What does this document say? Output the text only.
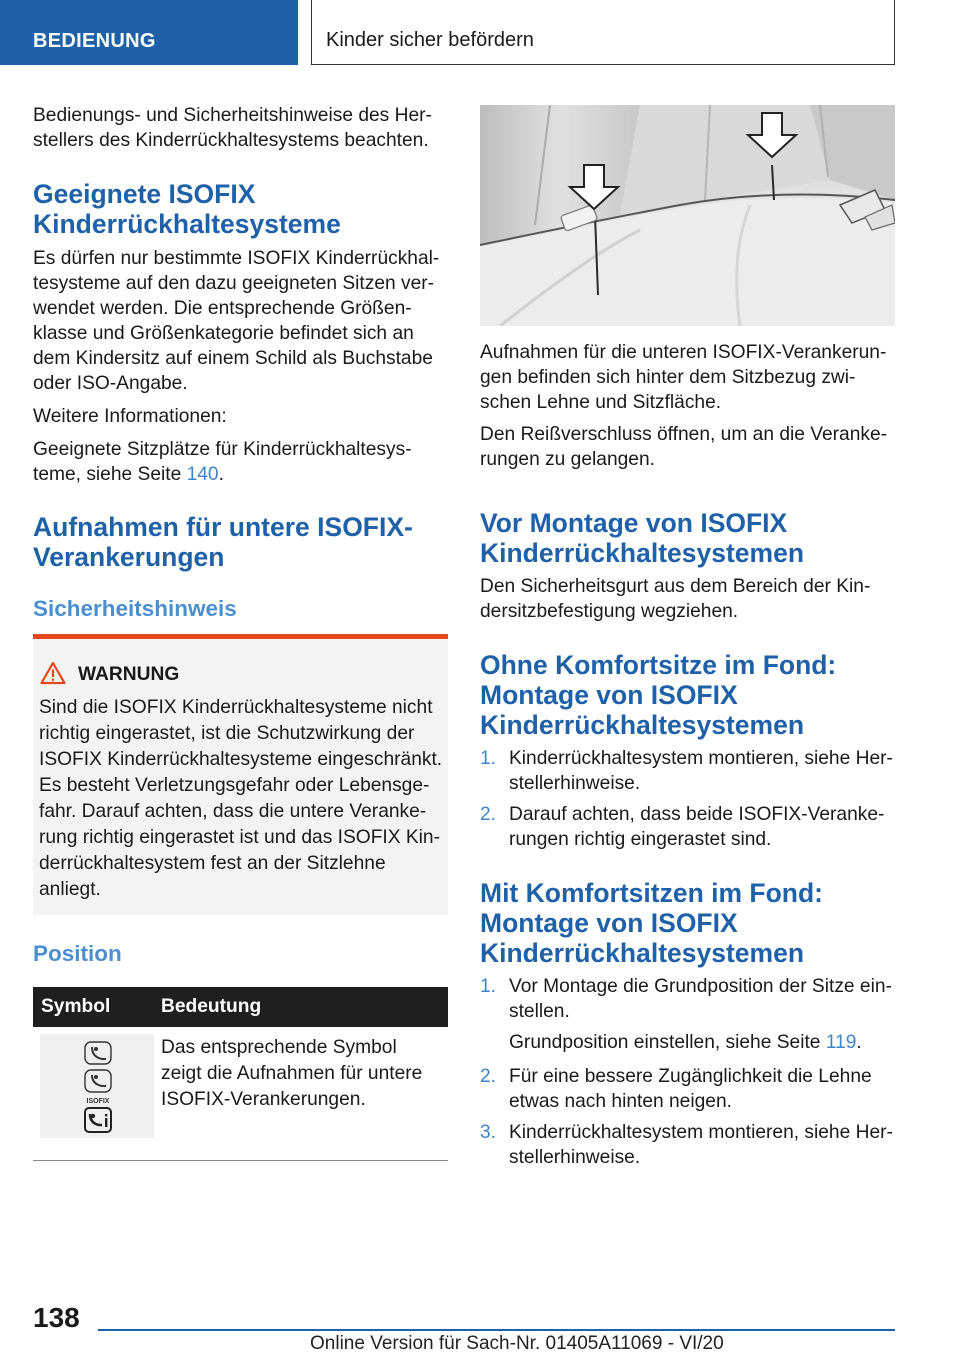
BEDIENUNG	Kinder sicher befördern

Bedienungs- und Sicherheitshinweise des Her-
stellers des Kinderrückhaltesystems beachten.

Geeignete ISOFIX
Kinderrückhaltesysteme

Es dürfen nur bestimmte ISOFIX Kinderrückhal-
tesysteme auf den dazu geeigneten Sitzen ver-
wendet werden. Die entsprechende Größen-
klasse und Größenkategorie befindet sich an
dem Kindersitz auf einem Schild als Buchstabe
oder ISO-Angabe.

Weitere Informationen:

Geeignete Sitzplätze für Kinderrückhaltesys-
teme, siehe Seite 140.

Aufnahmen für untere ISOFIX-
Verankerungen
Sicherheitshinweis
WARNUNG

Sind die ISOFIX Kinderrückhaltesysteme nicht
richtig eingerastet, ist die Schutzwirkung der
ISOFIX Kinderrückhaltesysteme eingeschränkt.
Es besteht Verletzungsgefahr oder Lebensge-
fahr. Darauf achten, dass die untere Veranke-
rung richtig eingerastet ist und das ISOFIX Kin-
derrückhaltesystem fest an der Sitzlehne
anliegt.

Position
Symbol	Bedeutung
ISOFIX

Das entsprechende Symbol
zeigt die Aufnahmen für untere
ISOFIX-Verankerungen.

Aufnahmen für die unteren ISOFIX-Verankerun-
gen befinden sich hinter dem Sitzbezug zwi-
schen Lehne und Sitzfläche.

Den Reißverschluss öffnen, um an die Veranke-
rungen zu gelangen.

Vor Montage von ISOFIX
Kinderrückhaltesystemen

Den Sicherheitsgurt aus dem Bereich der Kin-
dersitzbefestigung wegziehen.

Ohne Komfortsitze im Fond:
Montage von ISOFIX
Kinderrückhaltesystemen
1. Kinderrückhaltesystem montieren, siehe Her-
stellerhinweise.
2. Darauf achten, dass beide ISOFIX-Veranke-
rungen richtig eingerastet sind.
Mit Komfortsitzen im Fond:
Montage von ISOFIX
Kinderrückhaltesystemen
1. Vor Montage die Grundposition der Sitze ein-
stellen.

Grundposition einstellen, siehe Seite 119.

2. Für eine bessere Zugänglichkeit die Lehne
etwas nach hinten neigen.
3. Kinderrückhaltesystem montieren, siehe Her-
stellerhinweise.
138
Online Version für Sach-Nr. 01405A11069 - VI/20
